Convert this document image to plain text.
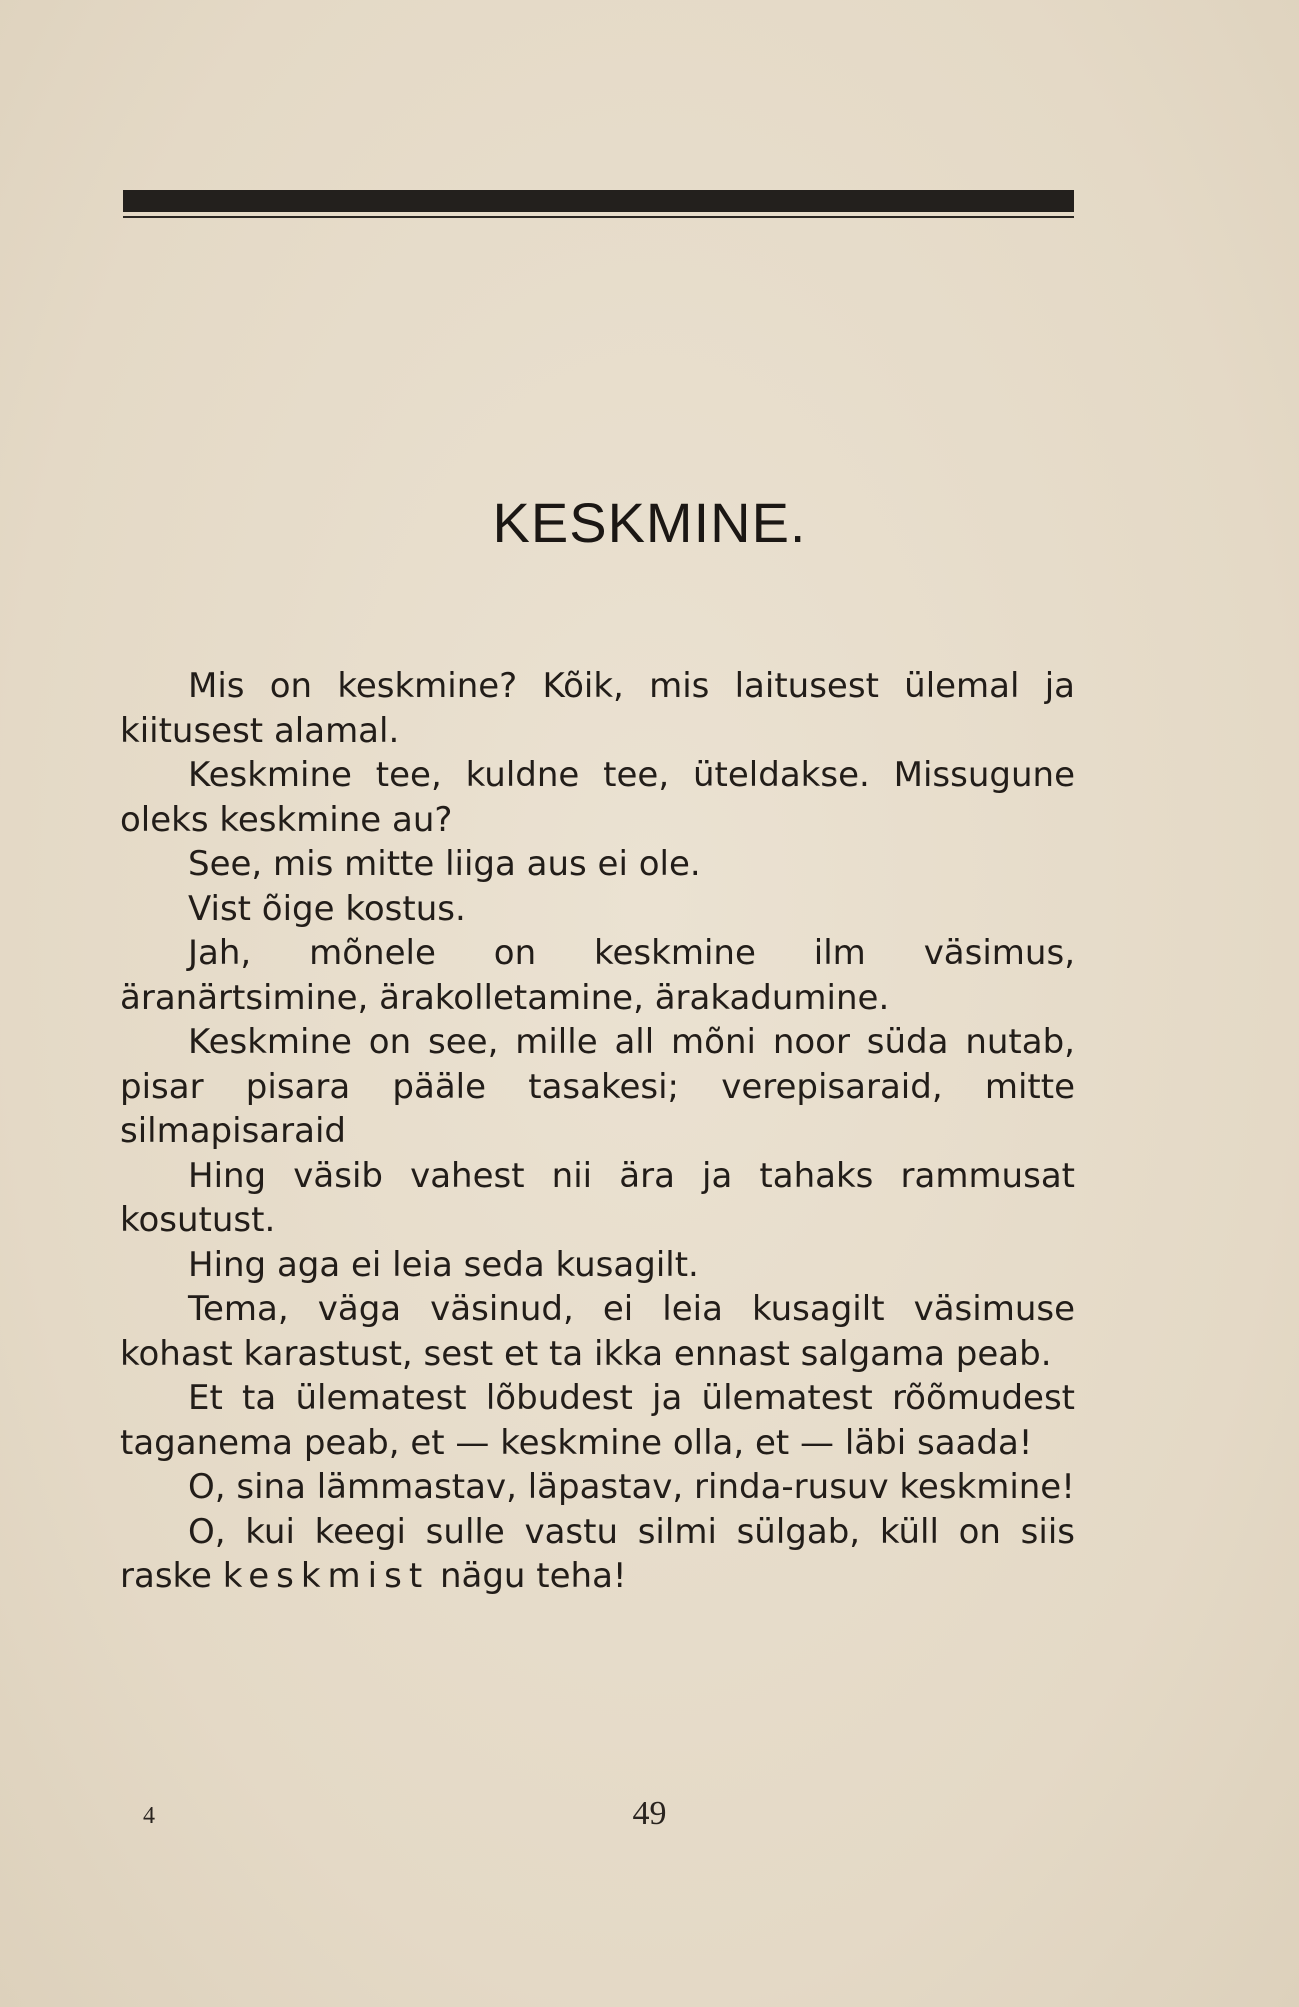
KESKMINE.

Mis on keskmine? Kõik, mis laitusest ülemal ja kiitusest alamal.

Keskmine tee, kuldne tee, üteldakse. Missugune oleks keskmine au?

See, mis mitte liiga aus ei ole.

Vist õige kostus.

Jah, mõnele on keskmine ilm väsimus, äranärtsimine, ärakolletamine, ärakadumine.

Keskmine on see, mille all mõni noor süda nutab, pisar pisara pääle tasakesi; verepisaraid, mitte silmapisaraid

Hing väsib vahest nii ära ja tahaks rammusat kosutust.

Hing aga ei leia seda kusagilt.

Tema, väga väsinud, ei leia kusagilt väsimuse kohast karastust, sest et ta ikka ennast salgama peab.

Et ta ülematest lõbudest ja ülematest rõõmudest taganema peab, et — keskmine olla, et — läbi saada!

O, sina lämmastav, läpastav, rinda-rusuv keskmine!

O, kui keegi sulle vastu silmi sülgab, küll on siis raske keskmist nägu teha!

4	49
